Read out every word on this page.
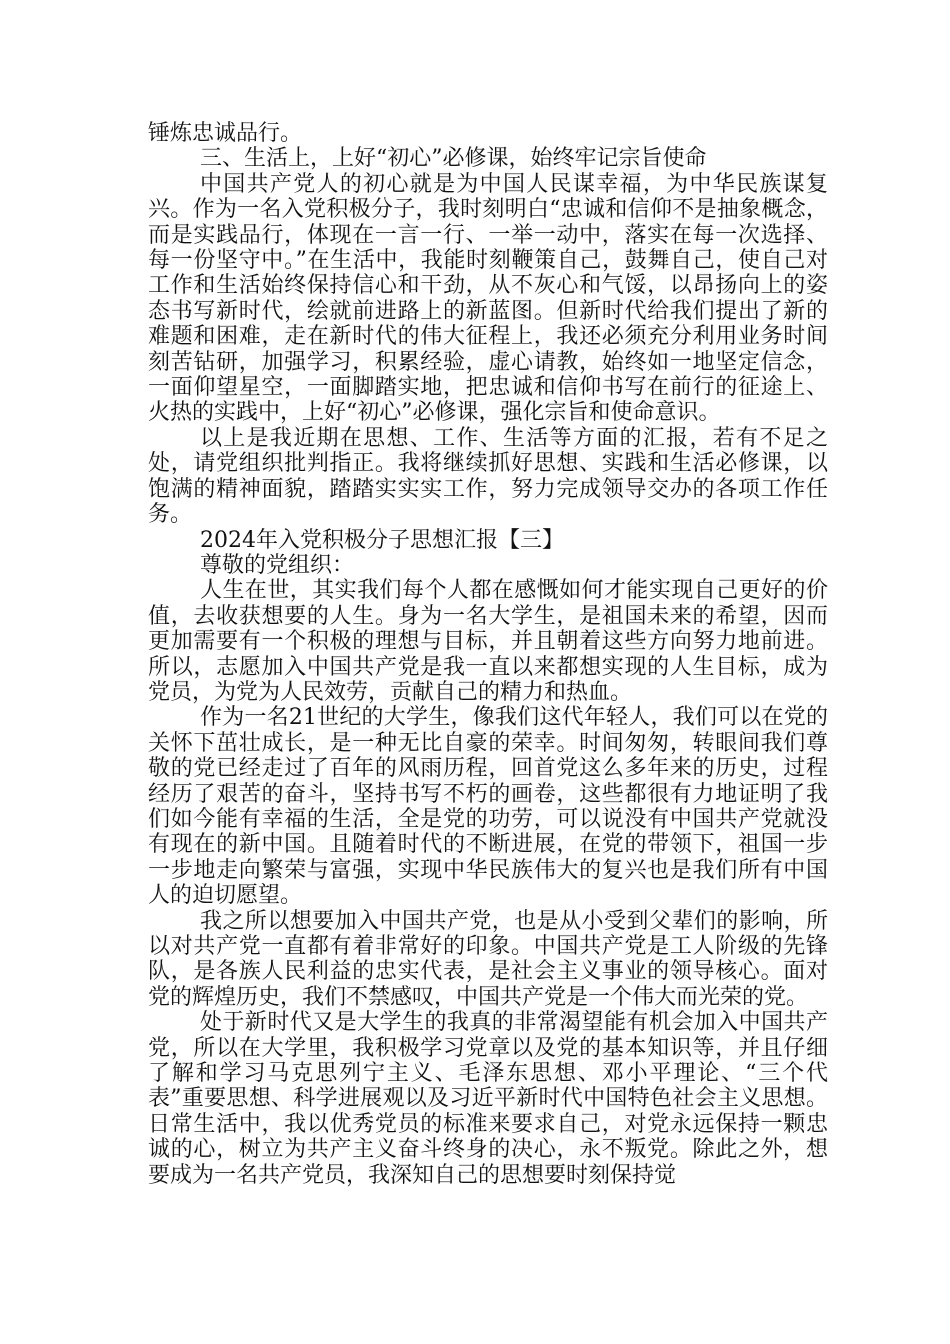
锤炼忠诚品行。

三、生活上，上好“初心”必修课，始终牢记宗旨使命

中国共产党人的初心就是为中国人民谋幸福，为中华民族谋复兴。作为一名入党积极分子，我时刻明白“忠诚和信仰不是抽象概念，而是实践品行，体现在一言一行、一举一动中，落实在每一次选择、每一份坚守中。”在生活中，我能时刻鞭策自己，鼓舞自己，使自己对工作和生活始终保持信心和干劲，从不灰心和气馁，以昂扬向上的姿态书写新时代，绘就前进路上的新蓝图。但新时代给我们提出了新的难题和困难，走在新时代的伟大征程上，我还必须充分利用业务时间刻苦钻研，加强学习，积累经验，虚心请教，始终如一地坚定信念，一面仰望星空，一面脚踏实地，把忠诚和信仰书写在前行的征途上、火热的实践中，上好“初心”必修课，强化宗旨和使命意识。

以上是我近期在思想、工作、生活等方面的汇报，若有不足之处，请党组织批判指正。我将继续抓好思想、实践和生活必修课，以饱满的精神面貌，踏踏实实实工作，努力完成领导交办的各项工作任务。

2024年入党积极分子思想汇报【三】

尊敬的党组织：

人生在世，其实我们每个人都在感慨如何才能实现自己更好的价值，去收获想要的人生。身为一名大学生，是祖国未来的希望，因而更加需要有一个积极的理想与目标，并且朝着这些方向努力地前进。所以，志愿加入中国共产党是我一直以来都想实现的人生目标，成为党员，为党为人民效劳，贡献自己的精力和热血。

作为一名21世纪的大学生，像我们这代年轻人，我们可以在党的关怀下茁壮成长，是一种无比自豪的荣幸。时间匆匆，转眼间我们尊敬的党已经走过了百年的风雨历程，回首党这么多年来的历史，过程经历了艰苦的奋斗，坚持书写不朽的画卷，这些都很有力地证明了我们如今能有幸福的生活，全是党的功劳，可以说没有中国共产党就没有现在的新中国。且随着时代的不断进展，在党的带领下，祖国一步一步地走向繁荣与富强，实现中华民族伟大的复兴也是我们所有中国人的迫切愿望。

我之所以想要加入中国共产党，也是从小受到父辈们的影响，所以对共产党一直都有着非常好的印象。中国共产党是工人阶级的先锋队，是各族人民利益的忠实代表，是社会主义事业的领导核心。面对党的辉煌历史，我们不禁感叹，中国共产党是一个伟大而光荣的党。

处于新时代又是大学生的我真的非常渴望能有机会加入中国共产党，所以在大学里，我积极学习党章以及党的基本知识等，并且仔细了解和学习马克思列宁主义、毛泽东思想、邓小平理论、“三个代表”重要思想、科学进展观以及习近平新时代中国特色社会主义思想。日常生活中，我以优秀党员的标准来要求自己，对党永远保持一颗忠诚的心，树立为共产主义奋斗终身的决心，永不叛党。除此之外，想要成为一名共产党员，我深知自己的思想要时刻保持觉
